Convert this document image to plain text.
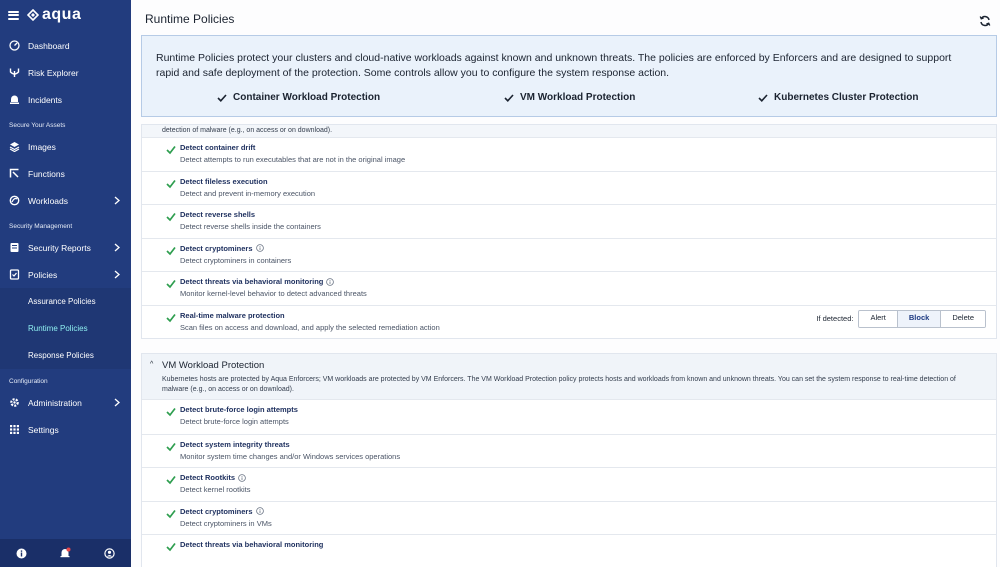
aqua
Dashboard
Risk Explorer
Incidents
Secure Your Assets
Images
Functions
Workloads
Security Management
Security Reports
Policies
Assurance Policies
Runtime Policies
Response Policies
Configuration
Administration
Settings
Runtime Policies
Runtime Policies protect your clusters and cloud-native workloads against known and unknown threats. The policies are enforced by Enforcers and are designed to support rapid and safe deployment of the protection. Some controls allow you to configure the system response action.
Container Workload Protection	VM Workload Protection	Kubernetes Cluster Protection
detection of malware (e.g., on access or on download).
Detect container drift
Detect attempts to run executables that are not in the original image
Detect fileless execution
Detect and prevent in-memory execution
Detect reverse shells
Detect reverse shells inside the containers
Detect cryptominers
Detect cryptominers in containers
Detect threats via behavioral monitoring
Monitor kernel-level behavior to detect advanced threats
Real-time malware protection
Scan files on access and download, and apply the selected remediation action
If detected:	Alert	Block	Delete
^ VM Workload Protection
Kubernetes hosts are protected by Aqua Enforcers; VM workloads are protected by VM Enforcers. The VM Workload Protection policy protects hosts and workloads from known and unknown threats. You can set the system response to real-time detection of malware (e.g., on access or on download).
Detect brute-force login attempts
Detect brute-force login attempts
Detect system integrity threats
Monitor system time changes and/or Windows services operations
Detect Rootkits
Detect kernel rootkits
Detect cryptominers
Detect cryptominers in VMs
Detect threats via behavioral monitoring
